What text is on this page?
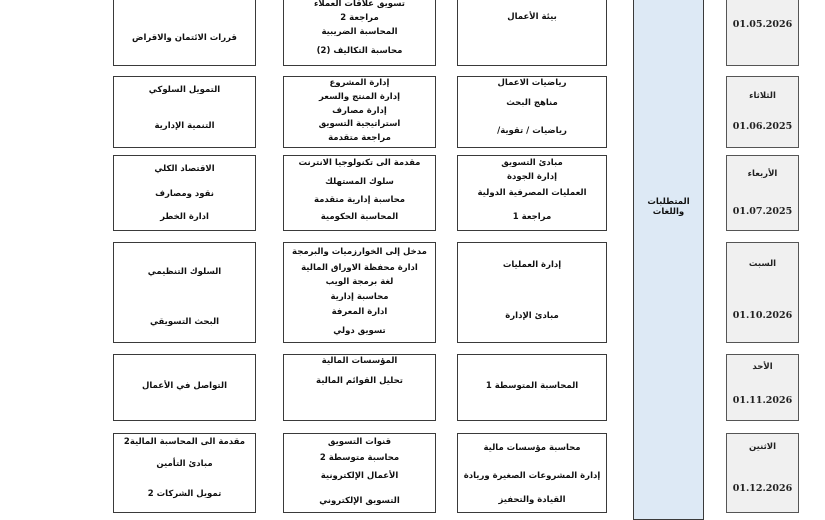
المتطلبات واللغات
01.05.2026
بيئة الأعمال
تسويق علاقات العملاء
مراجعة 2
المحاسبة الضريبية
محاسبة التكاليف (2)
قررات الائتمان والاقراض
الثلاثاء
01.06.2025
رياضيات الاعمال
مناهج البحث
رياضيات / تقوية/
إدارة المشروع
إدارة المنتج والسعر
إدارة مصارف
استراتيجية التسويق
مراجعة متقدمة
التمويل السلوكي
التنمية الإدارية
الأربعاء
01.07.2025
مبادئ التسويق
إدارة الجودة
العمليات المصرفية الدولية
مراجعة 1
مقدمة الى تكنولوجيا الانترنت
سلوك المستهلك
محاسبة إدارية متقدمة
المحاسبة الحكومية
الاقتصاد الكلي
نقود ومصارف
ادارة الخطر
السبت
01.10.2026
إدارة العمليات
مبادئ الإدارة
مدخل إلى الخوارزميات والبرمجة
ادارة محفظة الاوراق المالية
لغة برمجة الويب
محاسبة إدارية
ادارة المعرفة
تسويق دولي
السلوك التنظيمي
البحث التسويقي
الأحد
01.11.2026
المحاسبة المتوسطة 1
المؤسسات المالية
تحليل القوائم المالية
التواصل في الأعمال
الاثنين
01.12.2026
محاسبة مؤسسات مالية
إدارة المشروعات الصغيرة وريادة
القيادة والتحفيز
قنوات التسويق
محاسبة متوسطة 2
الأعمال الإلكترونية
التسويق الإلكتروني
مقدمة الى المحاسبة المالية2
مبادئ التأمين
تمويل الشركات 2
